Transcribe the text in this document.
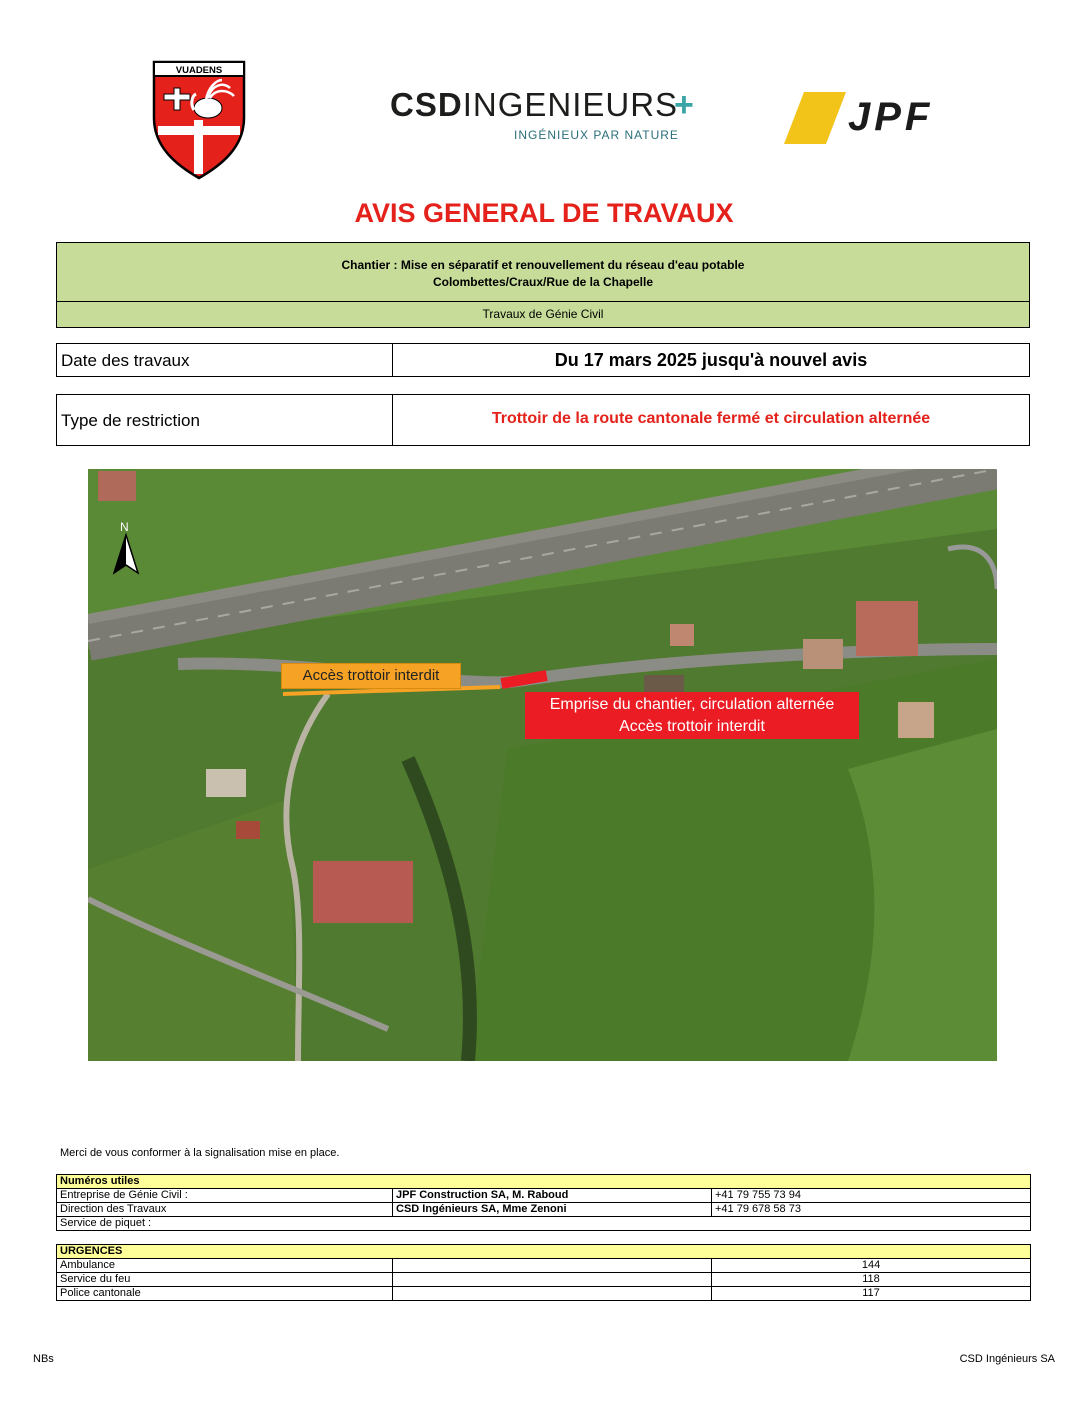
VUADENS
CSDINGENIEURS
+
INGÉNIEUX PAR NATURE	JPF
AVIS GENERAL DE TRAVAUX
Chantier : Mise en séparatif et renouvellement du réseau d'eau potable
Colombettes/Craux/Rue de la Chapelle
Travaux de Génie Civil
Date des travaux	Du 17 mars 2025 jusqu'à nouvel avis
Type de restriction	Trottoir de la route cantonale fermé et circulation alternée
N
Accès trottoir interdit
Emprise du chantier, circulation alternée
Accès trottoir interdit
Merci de vous conformer à la signalisation mise en place.
Numéros utiles		
Entreprise de Génie Civil :	JPF Construction SA, M. Raboud	+41 79 755 73 94
Direction des Travaux	CSD Ingénieurs SA, Mme Zenoni	+41 79 678 58 73
Service de piquet :		
URGENCES		
Ambulance		144
Service du feu		118
Police cantonale		117
NBs	CSD Ingénieurs SA
